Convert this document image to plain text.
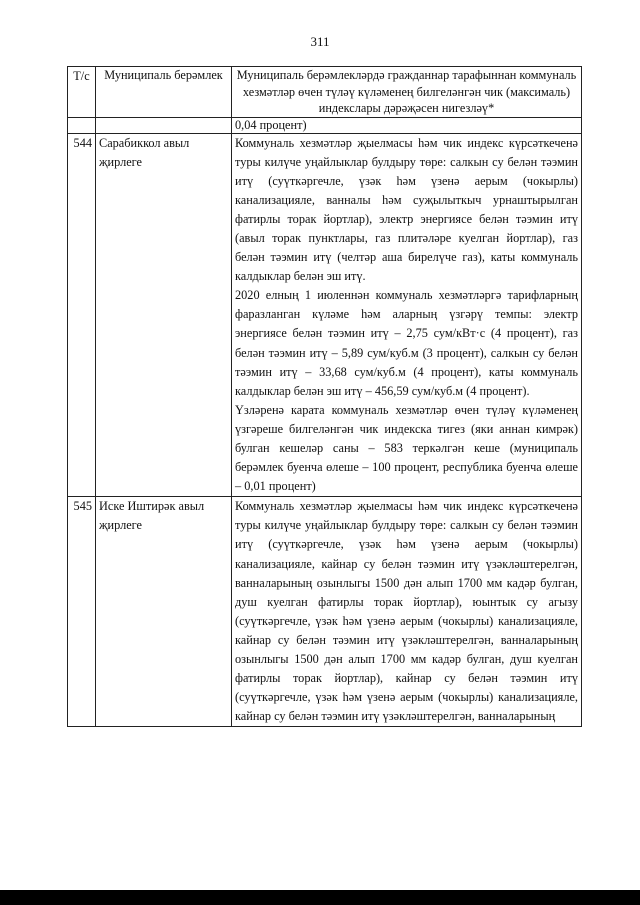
311
Т/с	Муниципаль берәмлек	Муниципаль берәмлекләрдә гражданнар тарафыннан коммуналь хезмәтләр өчен түләү күләменең билгеләнгән чик (максималь) индекслары дәрәҗәсен нигезләү*
		0,04 процент)
544	Сарабиккол авыл җирлеге	Коммуналь хезмәтләр җыелмасы һәм чик индекс күрсәткеченә туры килүче уңайлыклар булдыру төре: салкын су белән тәэмин итү (суүткәргечле, үзәк һәм үзенә аерым (чокырлы) канализацияле, ванналы һәм суҗылыткыч урнаштырылган фатирлы торак йортлар), электр энергиясе белән тәэмин итү (авыл торак пунктлары, газ плитәләре куелган йортлар), газ белән тәэмин итү (челтәр аша бирелүче газ), каты коммуналь калдыклар белән эш итү.

2020 елның 1 июленнән коммуналь хезмәтләргә тарифларның фаразланган күләме һәм аларның үзгәрү темпы: электр энергиясе белән тәэмин итү – 2,75 сум/кВт·с (4 процент), газ белән тәэмин итү – 5,89 сум/куб.м (3 процент), салкын су белән тәэмин итү – 33,68 сум/куб.м (4 процент), каты коммуналь калдыклар белән эш итү – 456,59 сум/куб.м (4 процент).

Үзләренә карата коммуналь хезмәтләр өчен түләү күләменең үзгәреше билгеләнгән чик индекска тигез (яки аннан кимрәк) булган кешеләр саны – 583 теркәлгән кеше (муниципаль берәмлек буенча өлеше – 100 процент, республика буенча өлеше – 0,01 процент)

545	Иске Иштирәк авыл җирлеге	Коммуналь хезмәтләр җыелмасы һәм чик индекс күрсәткеченә туры килүче уңайлыклар булдыру төре: салкын су белән тәэмин итү (суүткәргечле, үзәк һәм үзенә аерым (чокырлы) канализацияле, кайнар су белән тәэмин итү үзәкләштерелгән, ванналарының озынлыгы 1500 дән алып 1700 мм кадәр булган, душ куелган фатирлы торак йортлар), юынтык су агызу (суүткәргечле, үзәк һәм үзенә аерым (чокырлы) канализацияле, кайнар су белән тәэмин итү үзәкләштерелгән, ванналарының озынлыгы 1500 дән алып 1700 мм кадәр булган, душ куелган фатирлы торак йортлар), кайнар су белән тәэмин итү (суүткәргечле, үзәк һәм үзенә аерым (чокырлы) канализацияле, кайнар су белән тәэмин итү үзәкләштерелгән, ванналарының
